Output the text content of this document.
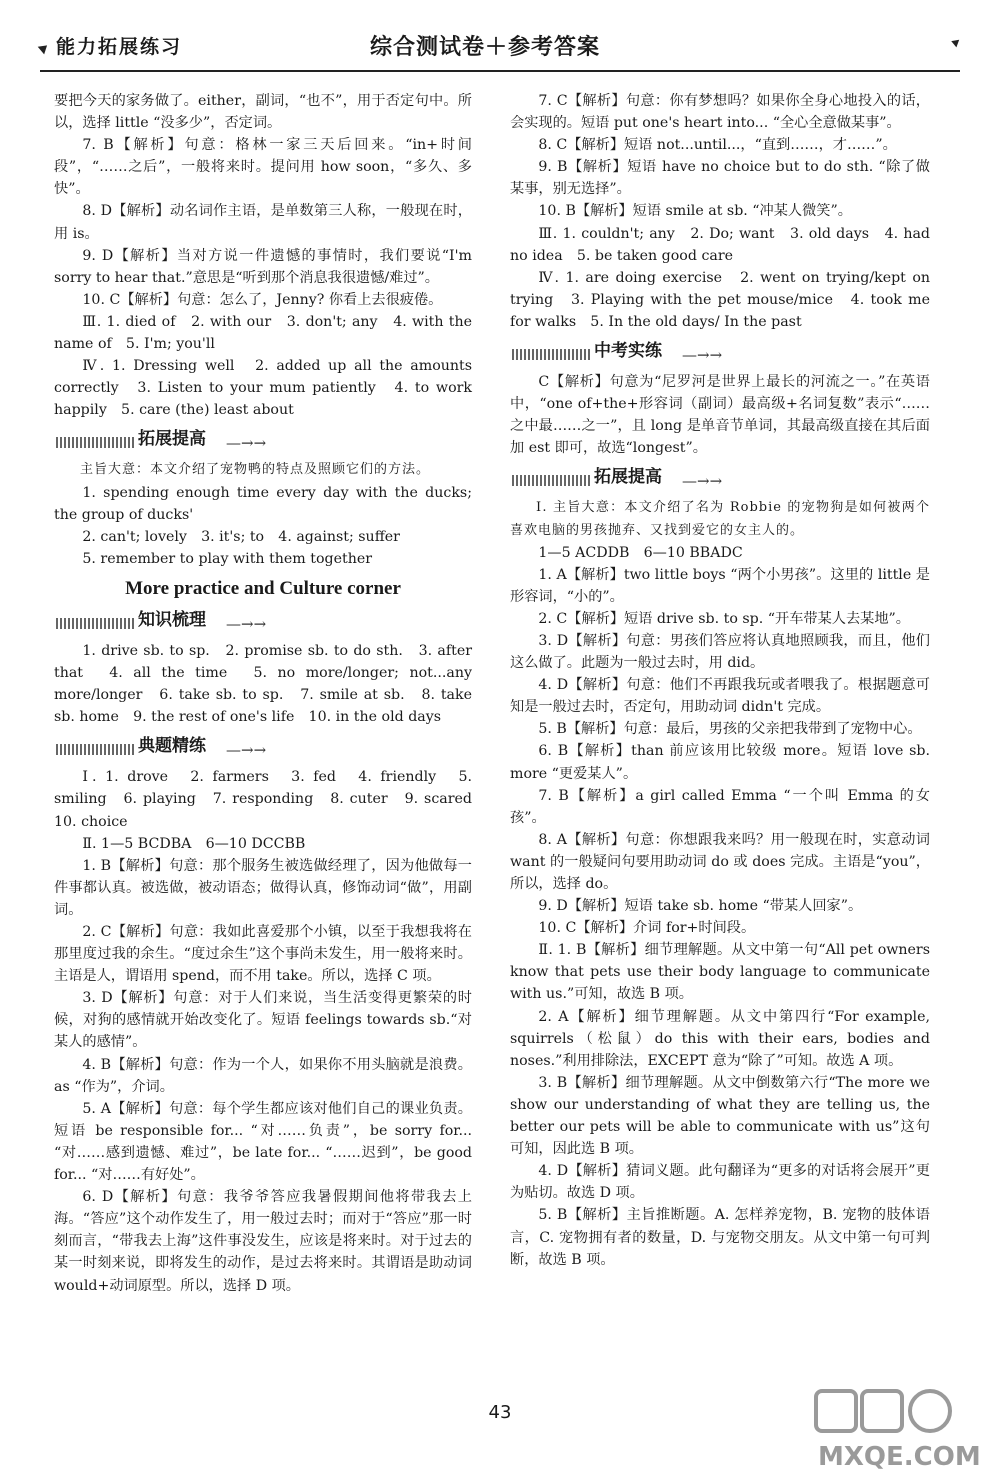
能力拓展练习	综合测试卷＋参考答案

要把今天的家务做了。either，副词，“也不”，用于否定句中。所以，选择 little “没多少”，否定词。

7. B【解析】句意：格林一家三天后回来。“in+时间段”，“……之后”，一般将来时。提问用 how soon，“多久、多快”。

8. D【解析】动名词作主语，是单数第三人称，一般现在时，用 is。

9. D【解析】当对方说一件遗憾的事情时，我们要说“I'm sorry to hear that.”意思是“听到那个消息我很遗憾/难过”。

10. C【解析】句意：怎么了，Jenny? 你看上去很疲倦。

Ⅲ. 1. died of　2. with our　3. don't; any　4. with the name of　5. I'm; you'll

Ⅳ. 1. Dressing well　2. added up all the amounts correctly　3. Listen to your mum patiently　4. to work happily　5. care (the) least about

拓展提高 —→→

主旨大意：本文介绍了宠物鸭的特点及照顾它们的方法。

1. spending enough time every day with the ducks; the group of ducks'

2. can't; lovely　3. it's; to　4. against; suffer

5. remember to play with them together

More practice and Culture corner
知识梳理 —→→

1. drive sb. to sp.　2. promise sb. to do sth.　3. after that　4. all the time　5. no more/longer; not...any more/longer　6. take sb. to sp.　7. smile at sb.　8. take sb. home　9. the rest of one's life　10. in the old days

典题精练 —→→

Ⅰ. 1. drove　2. farmers　3. fed　4. friendly　5. smiling　6. playing　7. responding　8. cuter　9. scared　10. choice

Ⅱ. 1—5 BCDBA　6—10 DCCBB

1. B【解析】句意：那个服务生被选做经理了，因为他做每一件事都认真。被选做，被动语态；做得认真，修饰动词“做”，用副词。

2. C【解析】句意：我如此喜爱那个小镇，以至于我想我将在那里度过我的余生。“度过余生”这个事尚未发生，用一般将来时。主语是人，谓语用 spend，而不用 take。所以，选择 C 项。

3. D【解析】句意：对于人们来说，当生活变得更繁荣的时候，对狗的感情就开始改变化了。短语 feelings towards sb.“对某人的感情”。

4. B【解析】句意：作为一个人，如果你不用头脑就是浪费。as “作为”，介词。

5. A【解析】句意：每个学生都应该对他们自己的课业负责。短语 be responsible for... “对……负责”，be sorry for... “对……感到遗憾、难过”，be late for... “……迟到”，be good for... “对……有好处”。

6. D【解析】句意：我爷爷答应我暑假期间他将带我去上海。“答应”这个动作发生了，用一般过去时；而对于“答应”那一时刻而言，“带我去上海”这件事没发生，应该是将来时。对于过去的某一时刻来说，即将发生的动作，是过去将来时。其谓语是助动词 would+动词原型。所以，选择 D 项。

7. C【解析】句意：你有梦想吗？如果你全身心地投入的话，会实现的。短语 put one's heart into... “全心全意做某事”。

8. C【解析】短语 not...until...，“直到……，才……”。

9. B【解析】短语 have no choice but to do sth. “除了做某事，别无选择”。

10. B【解析】短语 smile at sb. “冲某人微笑”。

Ⅲ. 1. couldn't; any　2. Do; want　3. old days　4. had no idea　5. be taken good care

Ⅳ. 1. are doing exercise　2. went on trying/kept on trying　3. Playing with the pet mouse/mice　4. took me for walks　5. In the old days/ In the past

中考实练 —→→

C【解析】句意为“尼罗河是世界上最长的河流之一。”在英语中，“one of+the+形容词（副词）最高级+名词复数”表示“……之中最……之一”，且 long 是单音节单词，其最高级直接在其后面加 est 即可，故选“longest”。

拓展提高 —→→

Ⅰ. 主旨大意：本文介绍了名为 Robbie 的宠物狗是如何被两个喜欢电脑的男孩抛弃、又找到爱它的女主人的。

1—5 ACDDB　6—10 BBADC

1. A【解析】two little boys “两个小男孩”。这里的 little 是形容词，“小的”。

2. C【解析】短语 drive sb. to sp. “开车带某人去某地”。

3. D【解析】句意：男孩们答应将认真地照顾我，而且，他们这么做了。此题为一般过去时，用 did。

4. D【解析】句意：他们不再跟我玩或者喂我了。根据题意可知是一般过去时，否定句，用助动词 didn't 完成。

5. B【解析】句意：最后，男孩的父亲把我带到了宠物中心。

6. B【解析】than 前应该用比较级 more。短语 love sb. more “更爱某人”。

7. B【解析】a girl called Emma “一个叫 Emma 的女孩”。

8. A【解析】句意：你想跟我来吗？用一般现在时，实意动词 want 的一般疑问句要用助动词 do 或 does 完成。主语是“you”，所以，选择 do。

9. D【解析】短语 take sb. home “带某人回家”。

10. C【解析】介词 for+时间段。

Ⅱ. 1. B【解析】细节理解题。从文中第一句“All pet owners know that pets use their body language to communicate with us.”可知，故选 B 项。

2. A【解析】细节理解题。从文中第四行“For example, squirrels（松鼠）do this with their ears, bodies and noses.”利用排除法，EXCEPT 意为“除了”可知。故选 A 项。

3. B【解析】细节理解题。从文中倒数第六行“The more we show our understanding of what they are telling us, the better our pets will be able to communicate with us”这句可知，因此选 B 项。

4. D【解析】猜词义题。此句翻译为“更多的对话将会展开”更为贴切。故选 D 项。

5. B【解析】主旨推断题。A. 怎样养宠物，B. 宠物的肢体语言，C. 宠物拥有者的数量，D. 与宠物交朋友。从文中第一句可判断，故选 B 项。

43
MXQE.COM
